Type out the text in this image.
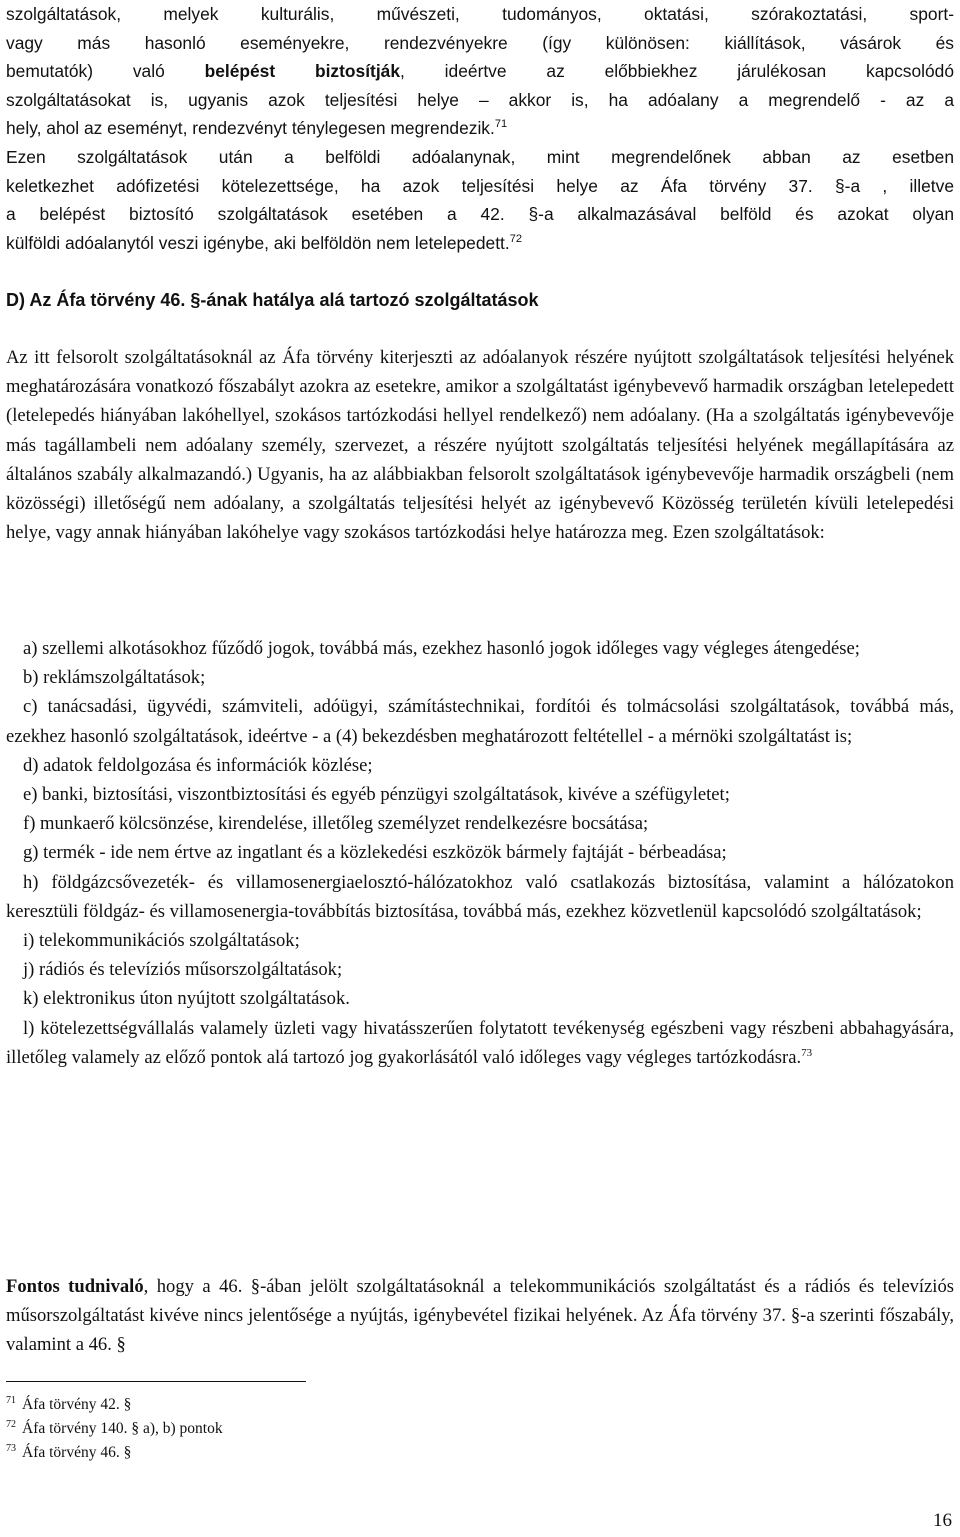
szolgáltatások, melyek kulturális, művészeti, tudományos, oktatási, szórakoztatási, sport-

vagy más hasonló eseményekre, rendezvényekre (így különösen: kiállítások, vásárok és

bemutatók) való belépést biztosítják, ideértve az előbbiekhez járulékosan kapcsolódó

szolgáltatásokat is, ugyanis azok teljesítési helye – akkor is, ha adóalany a megrendelő - az a

hely, ahol az eseményt, rendezvényt ténylegesen megrendezik.$^{71}$

Ezen szolgáltatások után a belföldi adóalanynak, mint megrendelőnek abban az esetben

keletkezhet adófizetési kötelezettsége, ha azok teljesítési helye az Áfa törvény 37. §-a , illetve

a belépést biztosító szolgáltatások esetében a 42. §-a alkalmazásával belföld és azokat olyan

külföldi adóalanytól veszi igénybe, aki belföldön nem letelepedett.$^{72}$

D) Az Áfa törvény 46. §-ának hatálya alá tartozó szolgáltatások

Az itt felsorolt szolgáltatásoknál az Áfa törvény kiterjeszti az adóalanyok részére nyújtott szolgáltatások teljesítési helyének meghatározására vonatkozó főszabályt azokra az esetekre, amikor a szolgáltatást igénybevevő harmadik országban letelepedett (letelepedés hiányában lakóhellyel, szokásos tartózkodási hellyel rendelkező) nem adóalany. (Ha a szolgáltatás igénybevevője más tagállambeli nem adóalany személy, szervezet, a részére nyújtott szolgáltatás teljesítési helyének megállapítására az általános szabály alkalmazandó.) Ugyanis, ha az alábbiakban felsorolt szolgáltatások igénybevevője harmadik országbeli (nem közösségi) illetőségű nem adóalany, a szolgáltatás teljesítési helyét az igénybevevő Közösség területén kívüli letelepedési helye, vagy annak hiányában lakóhelye vagy szokásos tartózkodási helye határozza meg. Ezen szolgáltatások:

a) szellemi alkotásokhoz fűződő jogok, továbbá más, ezekhez hasonló jogok időleges vagy végleges átengedése;

b) reklámszolgáltatások;

c) tanácsadási, ügyvédi, számviteli, adóügyi, számítástechnikai, fordítói és tolmácsolási szolgáltatások, továbbá más, ezekhez hasonló szolgáltatások, ideértve - a (4) bekezdésben meghatározott feltétellel - a mérnöki szolgáltatást is;

d) adatok feldolgozása és információk közlése;

e) banki, biztosítási, viszontbiztosítási és egyéb pénzügyi szolgáltatások, kivéve a széfügyletet;

f) munkaerő kölcsönzése, kirendelése, illetőleg személyzet rendelkezésre bocsátása;

g) termék - ide nem értve az ingatlant és a közlekedési eszközök bármely fajtáját - bérbeadása;

h) földgázcsővezeték- és villamosenergiaelosztó-hálózatokhoz való csatlakozás biztosítása, valamint a hálózatokon keresztüli földgáz- és villamosenergia-továbbítás biztosítása, továbbá más, ezekhez közvetlenül kapcsolódó szolgáltatások;

i) telekommunikációs szolgáltatások;

j) rádiós és televíziós műsorszolgáltatások;

k) elektronikus úton nyújtott szolgáltatások.

l) kötelezettségvállalás valamely üzleti vagy hivatásszerűen folytatott tevékenység egészbeni vagy részbeni abbahagyására, illetőleg valamely az előző pontok alá tartozó jog gyakorlásától való időleges vagy végleges tartózkodásra.$^{73}$

Fontos tudnivaló, hogy a 46. §-ában jelölt szolgáltatásoknál a telekommunikációs szolgáltatást és a rádiós és televíziós műsorszolgáltatást kivéve nincs jelentősége a nyújtás, igénybevétel fizikai helyének. Az Áfa törvény 37. §-a szerinti főszabály, valamint a 46. §

$^{71}$ Áfa törvény 42. §
$^{72}$ Áfa törvény 140. § a), b) pontok
$^{73}$ Áfa törvény 46. §
16
